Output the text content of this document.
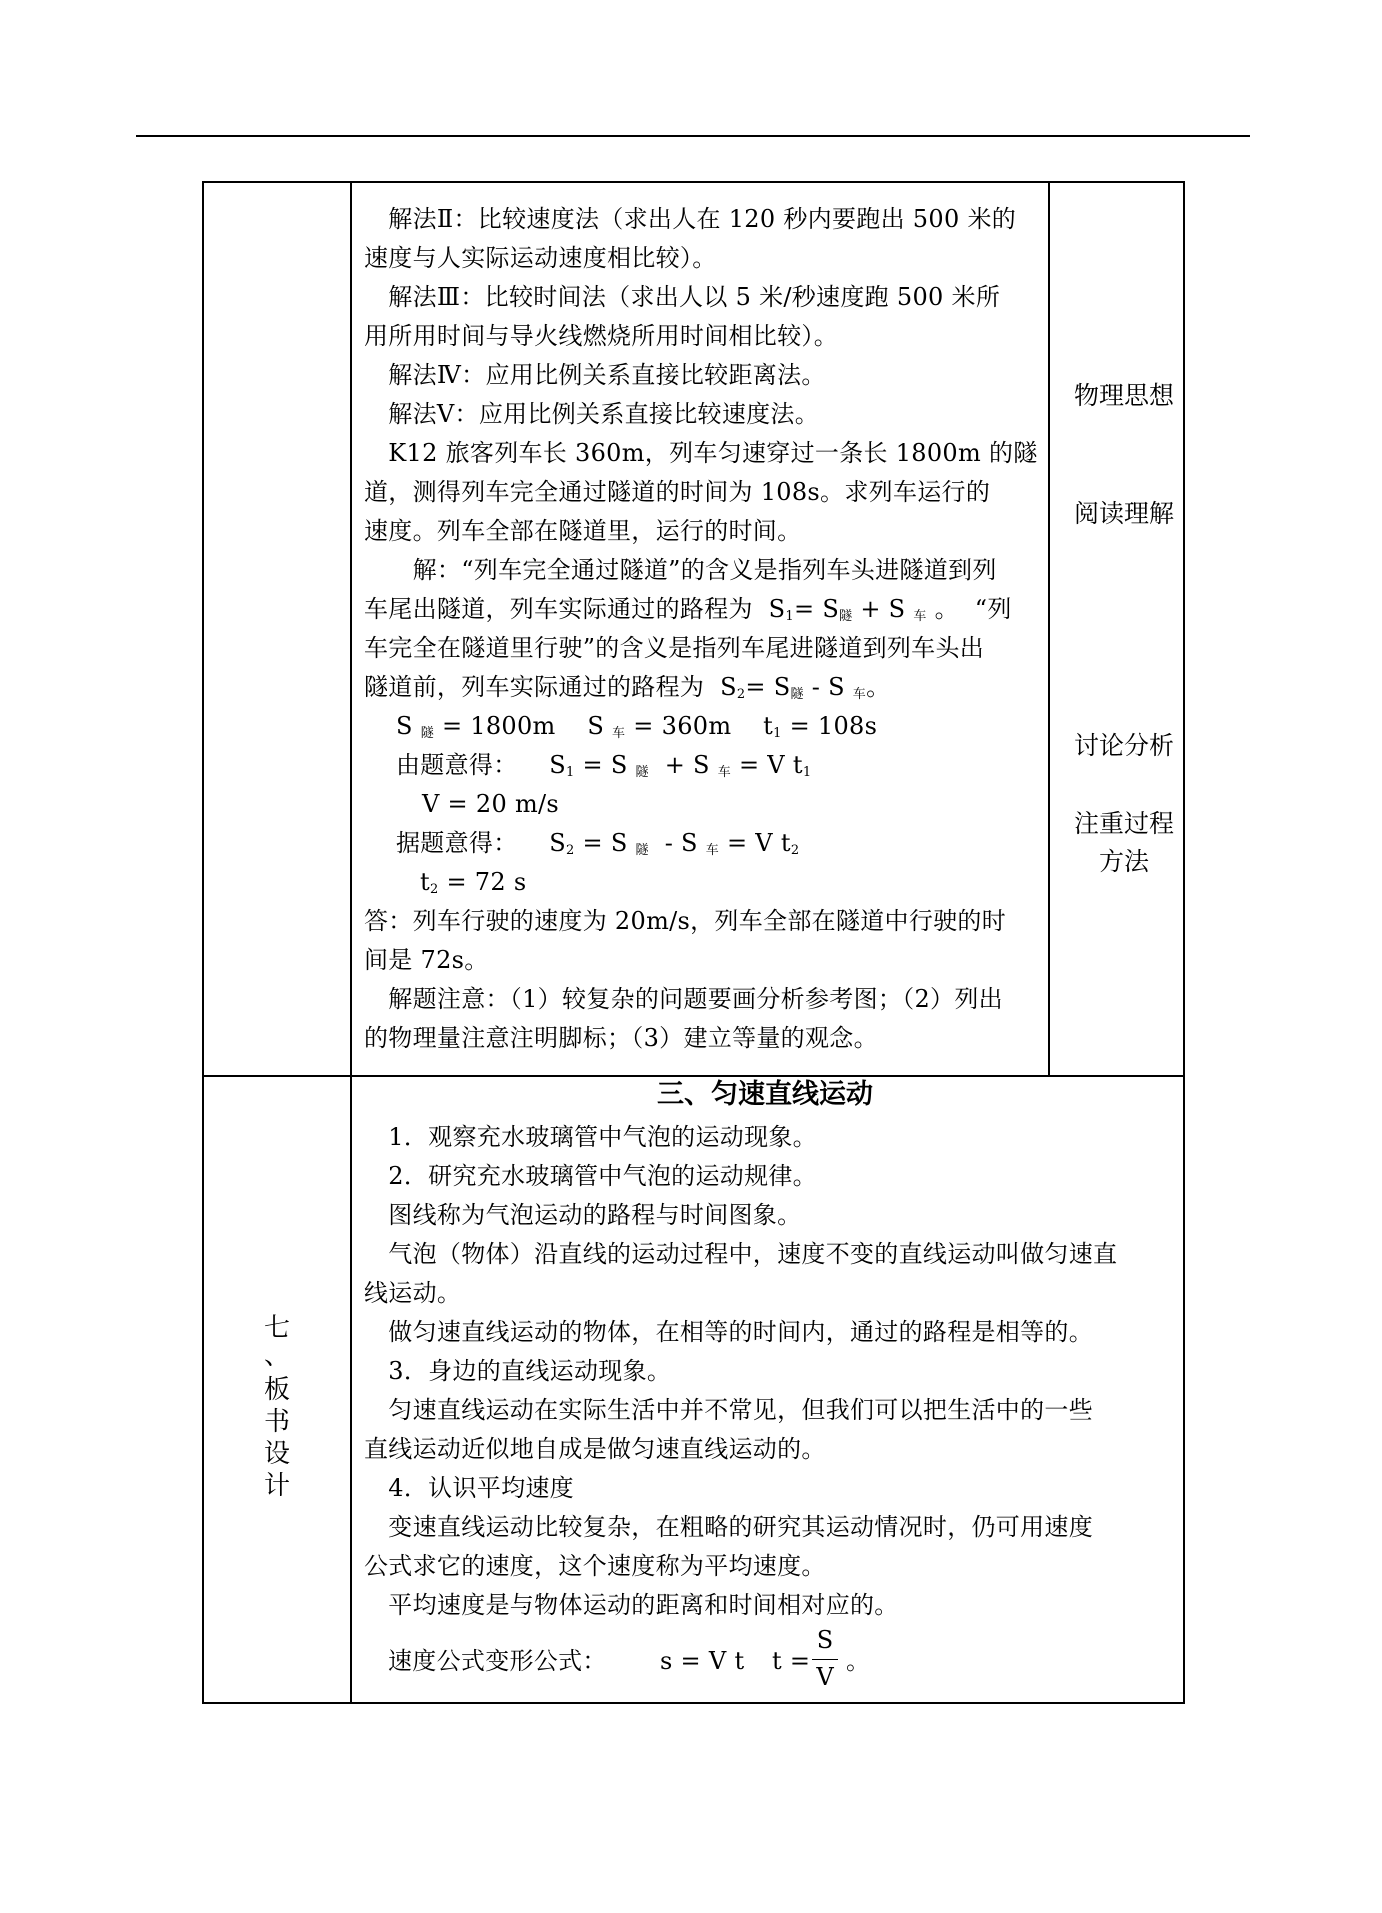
　解法Ⅱ：比较速度法（求出人在 120 秒内要跑出 500 米的
速度与人实际运动速度相比较）。
　解法Ⅲ：比较时间法（求出人以 5 米/秒速度跑 500 米所
用所用时间与导火线燃烧所用时间相比较）。
　解法Ⅳ：应用比例关系直接比较距离法。
　解法Ⅴ：应用比例关系直接比较速度法。
　K12 旅客列车长 360m，列车匀速穿过一条长 1800m 的隧
道，测得列车完全通过隧道的时间为 108s。求列车运行的
速度。列车全部在隧道里，运行的时间。
　　解：“列车完全通过隧道”的含义是指列车头进隧道到列
车尾出隧道，列车实际通过的路程为 $S_1= S_隧 + S$ $_车$ 。 “列
车完全在隧道里行驶”的含义是指列车尾进隧道到列车头出
隧道前，列车实际通过的路程为 $S_2= S_隧 - S$ $_车$。
S $_隧$ = 1800m S $_车$ = 360m $t_1 = 108s$
由题意得： $S_1 = S$ $_隧$ + S $_车$ = V $t_1$
V = 20 m/s
据题意得： $S_2 = S$ $_隧$ - S $_车$ = V $t_2$
$t_2 = 72$ s
答：列车行驶的速度为 20m/s，列车全部在隧道中行驶的时
间是 72s。
　解题注意：（1）较复杂的问题要画分析参考图；（2）列出
的物理量注意注明脚标；（3）建立等量的观念。
物理思想
阅读理解
讨论分析
注重过程
方法
七
、
板
书
设
计
三、匀速直线运动
　1．观察充水玻璃管中气泡的运动现象。
　2．研究充水玻璃管中气泡的运动规律。
　图线称为气泡运动的路程与时间图象。
　气泡（物体）沿直线的运动过程中，速度不变的直线运动叫做匀速直
线运动。
　做匀速直线运动的物体，在相等的时间内，通过的路程是相等的。
　3．身边的直线运动现象。
　匀速直线运动在实际生活中并不常见，但我们可以把生活中的一些
直线运动近似地自成是做匀速直线运动的。
　4．认识平均速度
　变速直线运动比较复杂，在粗略的研究其运动情况时，仍可用速度
公式求它的速度，这个速度称为平均速度。
　平均速度是与物体运动的距离和时间相对应的。
速度公式变形公式： s = V t t =
S
V
。
